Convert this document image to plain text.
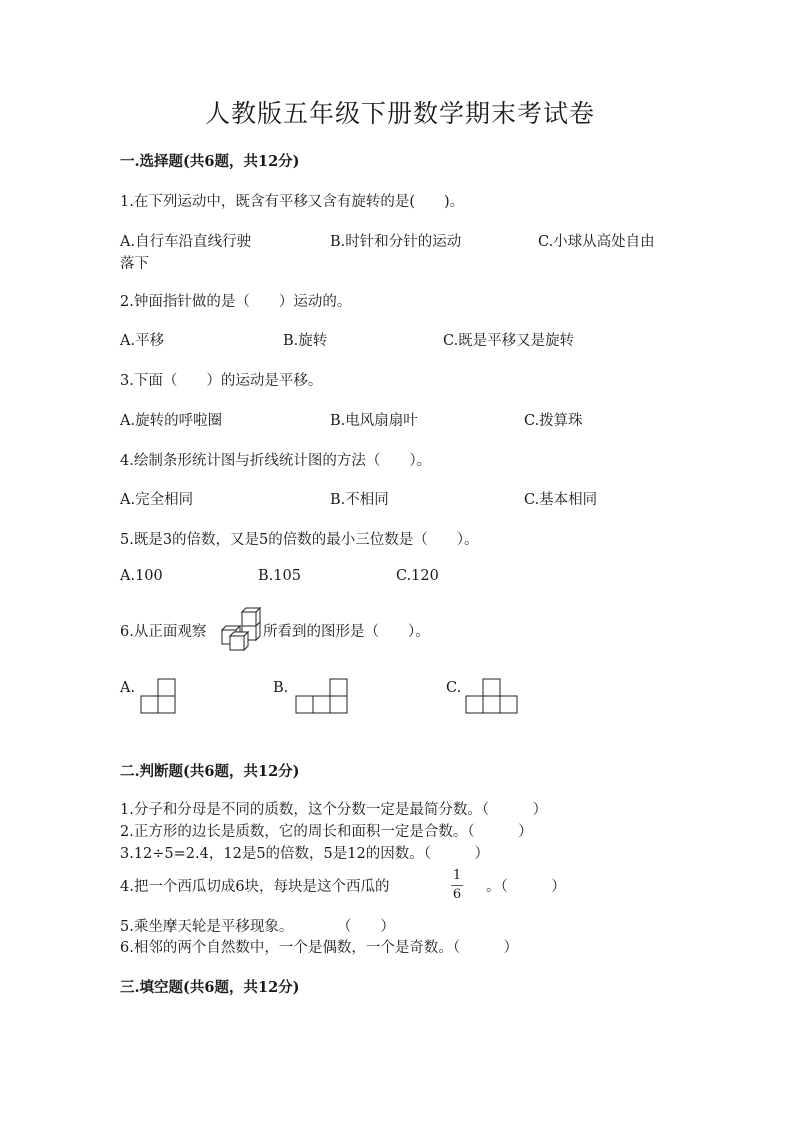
人教版五年级下册数学期末考试卷
一.选择题(共6题，共12分)
1.在下列运动中，既含有平移又含有旋转的是(　　)。
A.自行车沿直线行驶	B.时针和分针的运动	C.小球从高处自由
落下
2.钟面指针做的是（　　）运动的。
A.平移	B.旋转	C.既是平移又是旋转
3.下面（　　）的运动是平移。
A.旋转的呼啦圈	B.电风扇扇叶	C.拨算珠
4.绘制条形统计图与折线统计图的方法（　　）。
A.完全相同	B.不相同	C.基本相同
5.既是3的倍数，又是5的倍数的最小三位数是（　　）。
A.100	B.105	C.120
6.从正面观察	所看到的图形是（　　）。
A.	B.	C.
二.判断题(共6题，共12分)
1.分子和分母是不同的质数，这个分数一定是最简分数。（　　　）
2.正方形的边长是质数，它的周长和面积一定是合数。（　　　）
3.12÷5=2.4，12是5的倍数，5是12的因数。（　　　）
4.把一个西瓜切成6块，每块是这个西瓜的
1
6 。（　　　）
5.乘坐摩天轮是平移现象。　　　　（　　）
6.相邻的两个自然数中，一个是偶数，一个是奇数。（　　　）
三.填空题(共6题，共12分)
